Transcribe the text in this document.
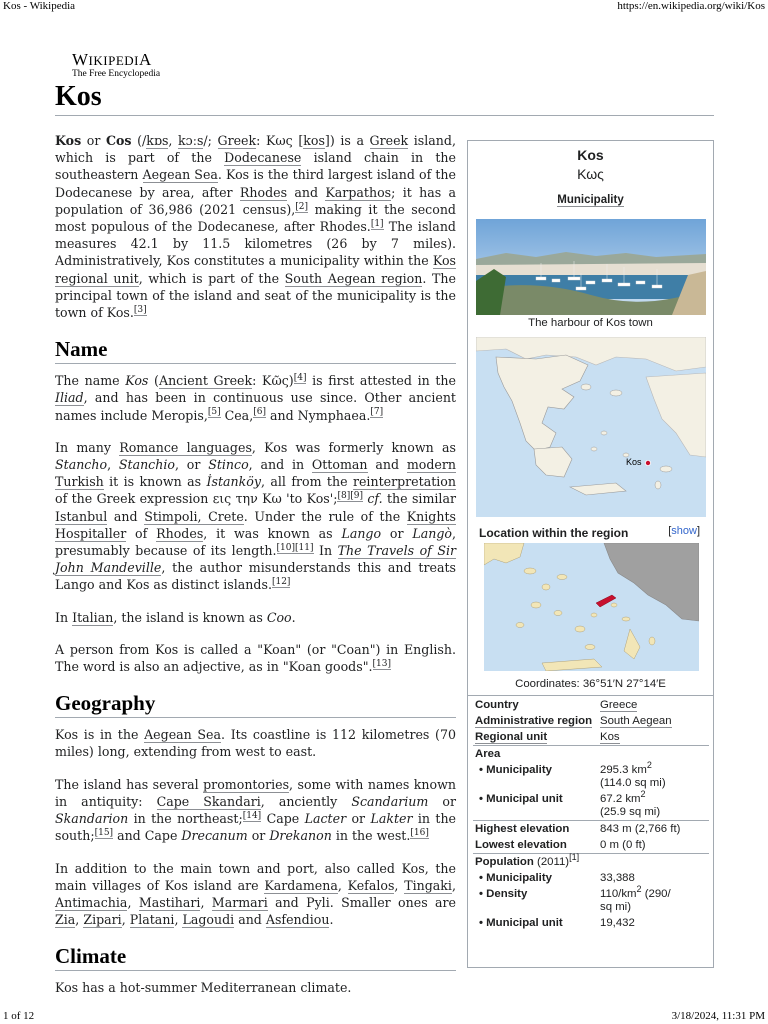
Kos - Wikipedia	https://en.wikipedia.org/wiki/Kos
WIKIPEDIA
The Free Encyclopedia
Kos

Kos or Cos (/kɒs, kɔːs/; Greek: Κως [kos]) is a Greek island, which is part of the Dodecanese island chain in the southeastern Aegean Sea. Kos is the third largest island of the Dodecanese by area, after Rhodes and Karpathos; it has a population of 36,986 (2021 census),[2] making it the second most populous of the Dodecanese, after Rhodes.[1] The island measures 42.1 by 11.5 kilometres (26 by 7 miles). Administratively, Kos constitutes a municipality within the Kos regional unit, which is part of the South Aegean region. The principal town of the island and seat of the municipality is the town of Kos.[3]

Name

The name Kos (Ancient Greek: Κῶς)[4] is first attested in the Iliad, and has been in continuous use since. Other ancient names include Meropis,[5] Cea,[6] and Nymphaea.[7]

In many Romance languages, Kos was formerly known as Stancho, Stanchio, or Stinco, and in Ottoman and modern Turkish it is known as İstanköy, all from the reinterpretation of the Greek expression εις την Κω 'to Kos';[8][9] cf. the similar Istanbul and Stimpoli, Crete. Under the rule of the Knights Hospitaller of Rhodes, it was known as Lango or Langò, presumably because of its length.[10][11] In The Travels of Sir John Mandeville, the author misunderstands this and treats Lango and Kos as distinct islands.[12]

In Italian, the island is known as Coo.

A person from Kos is called a "Koan" (or "Coan") in English. The word is also an adjective, as in "Koan goods".[13]

Geography

Kos is in the Aegean Sea. Its coastline is 112 kilometres (70 miles) long, extending from west to east.

The island has several promontories, some with names known in antiquity: Cape Skandari, anciently Scandarium or Skandarion in the northeast;[14] Cape Lacter or Lakter in the south;[15] and Cape Drecanum or Drekanon in the west.[16]

In addition to the main town and port, also called Kos, the main villages of Kos island are Kardamena, Kefalos, Tingaki, Antimachia, Mastihari, Marmari and Pyli. Smaller ones are Zia, Zipari, Platani, Lagoudi and Asfendiou.

Climate

Kos has a hot-summer Mediterranean climate.

Kos
Κως
Municipality
The harbour of Kos town
Kos
Location within the region	[show]
Coordinates: 36°51′N 27°14′E
Country	Greece
Administrative region	South Aegean
Regional unit	Kos
Area	
• Municipality	295.3 $km^2$
(114.0 sq mi)
• Municipal unit	67.2 $km^2$
(25.9 sq mi)
Highest elevation	843 m (2,766 ft)
Lowest elevation	0 m (0 ft)
Population (2011)[1]
• Municipality	33,388
• Density	$110/km^2$ (290/
sq mi)
• Municipal unit	19,432
1 of 12	3/18/2024, 11:31 PM
